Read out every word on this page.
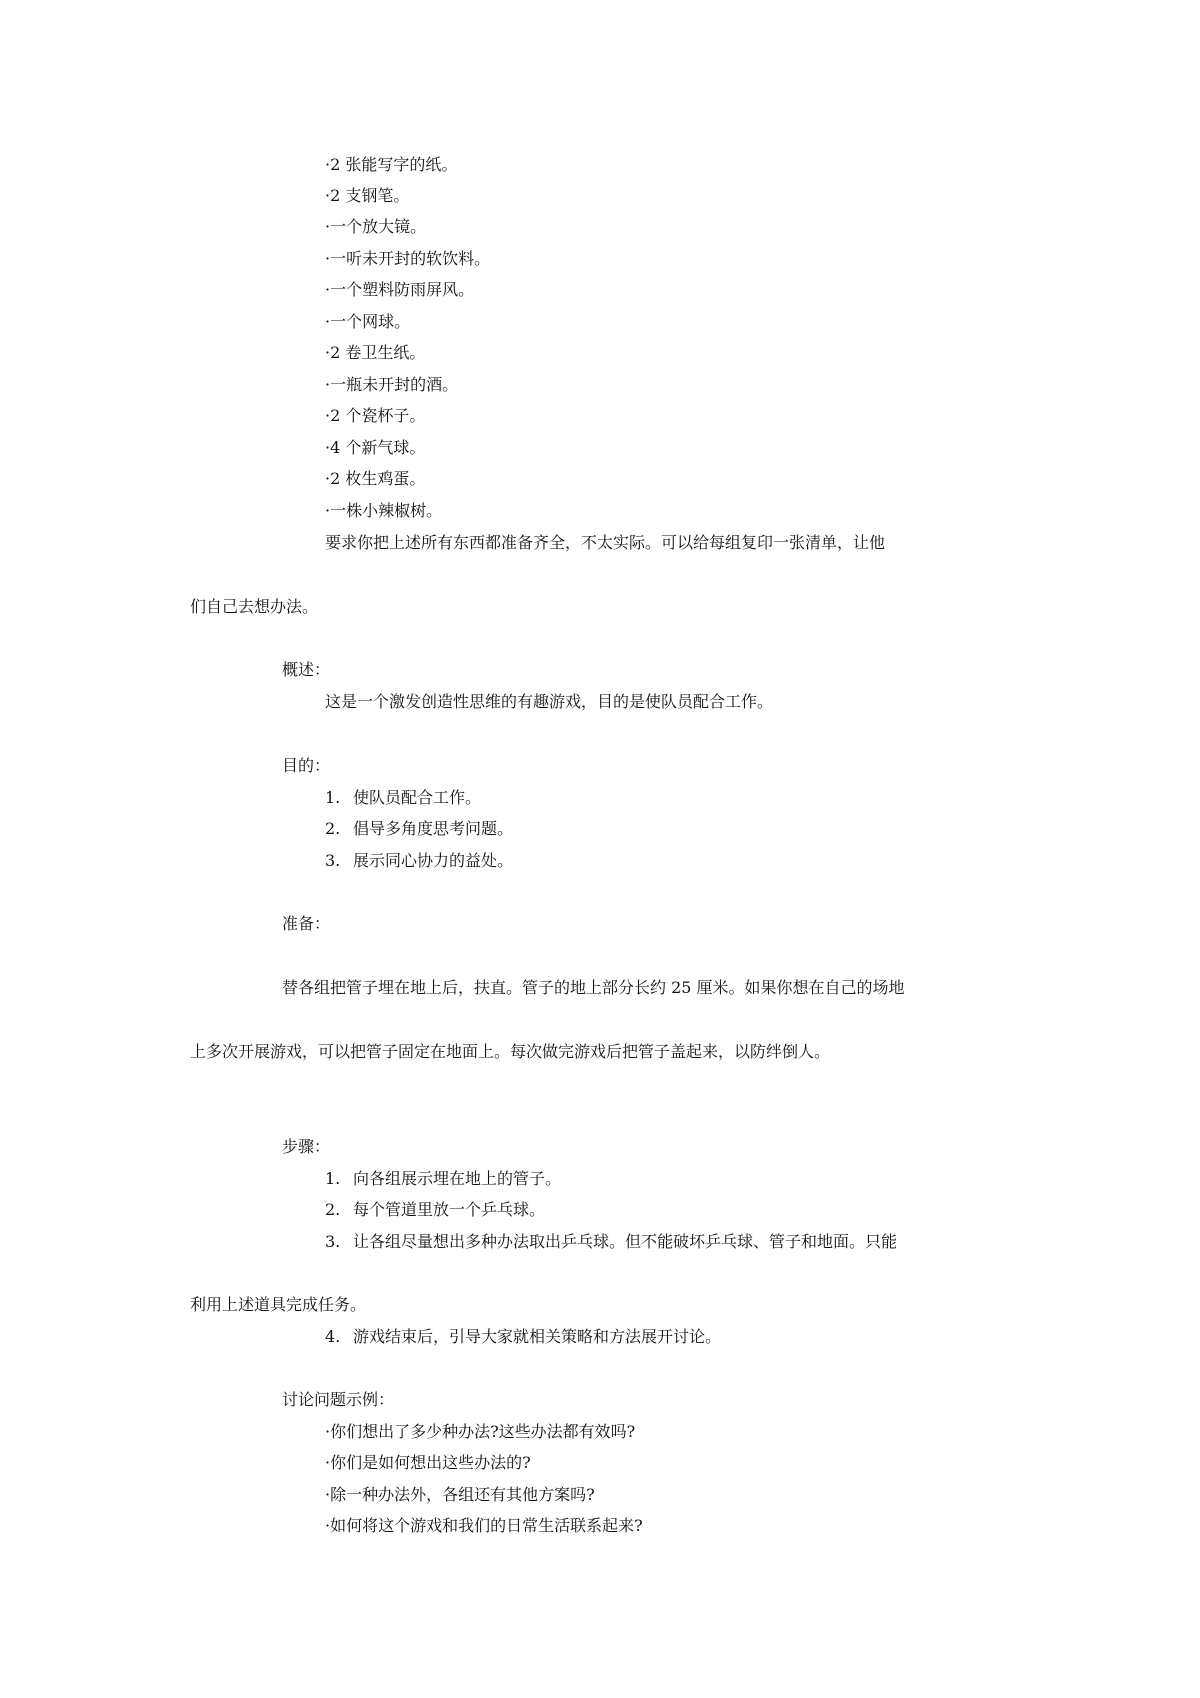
·2 张能写字的纸。
·2 支钢笔。
·一个放大镜。
·一听未开封的软饮料。
·一个塑料防雨屏风。
·一个网球。
·2 卷卫生纸。
·一瓶未开封的酒。
·2 个瓷杯子。
·4 个新气球。
·2 枚生鸡蛋。
·一株小辣椒树。
要求你把上述所有东西都准备齐全，不太实际。可以给每组复印一张清单，让他
们自己去想办法。
概述：
这是一个激发创造性思维的有趣游戏，目的是使队员配合工作。
目的：
1. 使队员配合工作。
2. 倡导多角度思考问题。
3. 展示同心协力的益处。
准备：
替各组把管子埋在地上后，扶直。管子的地上部分长约 25 厘米。如果你想在自己的场地
上多次开展游戏，可以把管子固定在地面上。每次做完游戏后把管子盖起来，以防绊倒人。
步骤：
1. 向各组展示埋在地上的管子。
2. 每个管道里放一个乒乓球。
3. 让各组尽量想出多种办法取出乒乓球。但不能破坏乒乓球、管子和地面。只能
利用上述道具完成任务。
4. 游戏结束后，引导大家就相关策略和方法展开讨论。
讨论问题示例：
·你们想出了多少种办法?这些办法都有效吗?
·你们是如何想出这些办法的?
·除一种办法外，各组还有其他方案吗?
·如何将这个游戏和我们的日常生活联系起来?
